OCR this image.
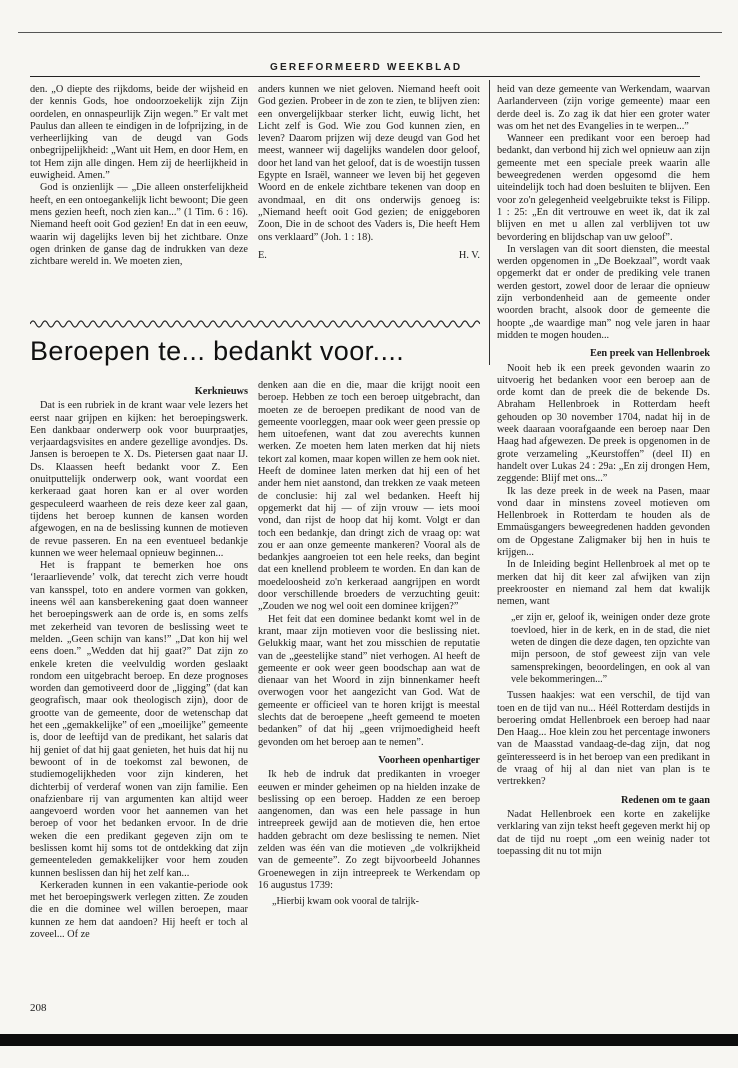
GEREFORMEERD WEEKBLAD

den. „O diepte des rijkdoms, beide der wijsheid en der kennis Gods, hoe ondoorzoekelijk zijn Zijn oordelen, en onnaspeurlijk Zijn wegen.” Er valt met Paulus dan alleen te eindigen in de lofprijzing, in de verheerlijking van de deugd van Gods onbegrijpelijkheid: „Want uit Hem, en door Hem, en tot Hem zijn alle dingen. Hem zij de heerlijkheid in euwigheid. Amen.”

God is onzienlijk — „Die alleen onsterfelijkheid heeft, en een ontoegankelijk licht bewoont; Die geen mens gezien heeft, noch zien kan...” (1 Tim. 6 : 16). Niemand heeft ooit God gezien! En dat in een eeuw, waarin wij dagelijks leven bij het zichtbare. Onze ogen drinken de ganse dag de indrukken van deze zichtbare wereld in. We moeten zien,

anders kunnen we niet geloven. Niemand heeft ooit God gezien. Probeer in de zon te zien, te blijven zien: een onvergelijkbaar sterker licht, euwig licht, het Licht zelf is God. Wie zou God kunnen zien, en leven? Daarom prijzen wij deze deugd van God het meest, wanneer wij dagelijks wandelen door geloof, door het land van het geloof, dat is de woestijn tussen Egypte en Israël, wanneer we leven bij het gegeven Woord en de enkele zichtbare tekenen van doop en avondmaal, en dit ons onderwijs genoeg is: „Niemand heeft ooit God gezien; de eniggeboren Zoon, Die in de schoot des Vaders is, Die heeft Hem ons verklaard” (Joh. 1 : 18).

E.	H. V.

Beroepen te... bedankt voor....

heid van deze gemeente van Werkendam, waarvan Aarlanderveen (zijn vorige gemeente) maar een derde deel is. Zo zag ik dat hier een groter water was om het net des Evangelies in te werpen...”

Wanneer een predikant voor een beroep had bedankt, dan verbond hij zich wel opnieuw aan zijn gemeente met een speciale preek waarin alle beweegredenen werden opgesomd die hem uiteindelijk toch had doen besluiten te blijven. Een voor zo'n gelegenheid veelgebruikte tekst is Filipp. 1 : 25: „En dit vertrouwe en weet ik, dat ik zal blijven en met u allen zal verblijven tot uw bevordering en blijdschap van uw geloof”.

In verslagen van dit soort diensten, die meestal werden opgenomen in „De Boekzaal”, wordt vaak opgemerkt dat er onder de prediking vele tranen werden gestort, zowel door de leraar die opnieuw zijn verbondenheid aan de gemeente onder woorden bracht, alsook door de gemeente die hoopte „de waardige man” nog vele jaren in haar midden te mogen houden...

Een preek van Hellenbroek

Nooit heb ik een preek gevonden waarin zo uitvoerig het bedanken voor een beroep aan de orde komt dan de preek die de bekende Ds. Abraham Hellenbroek in Rotterdam heeft gehouden op 30 november 1704, nadat hij in de week daaraan voorafgaande een beroep naar Den Haag had afgewezen. De preek is opgenomen in de grote verzameling „Keurstoffen” (deel II) en handelt over Lukas 24 : 29a: „En zij drongen Hem, zeggende: Blijf met ons...”

Ik las deze preek in de week na Pasen, maar vond daar in minstens zoveel motieven om Hellenbroek in Rotterdam te houden als de Emmaüsgangers beweegredenen hadden gevonden om de Opgestane Zaligmaker bij hen in huis te krijgen...

In de Inleiding begint Hellenbroek al met op te merken dat hij dit keer zal afwijken van zijn preekrooster en niemand zal hem dat kwalijk nemen, want

„er zijn er, geloof ik, weinigen onder deze grote toevloed, hier in de kerk, en in de stad, die niet weten de dingen die deze dagen, ten opzichte van mijn persoon, de stof geweest zijn van vele samensprekingen, beoordelingen, en ook al van vele bekommeringen...”

Tussen haakjes: wat een verschil, de tijd van toen en de tijd van nu... Héél Rotterdam destijds in beroering omdat Hellenbroek een beroep had naar Den Haag... Hoe klein zou het percentage inwoners van de Maasstad vandaag-de-dag zijn, dat nog geïnteresseerd is in het beroep van een predikant in de vraag of hij al dan niet van plan is te vertrekken?

Redenen om te gaan

Nadat Hellenbroek een korte en zakelijke verklaring van zijn tekst heeft gegeven merkt hij op dat de tijd nu roept „om een weinig nader tot toepassing dit nu tot mijn

Kerknieuws

Dat is een rubriek in de krant waar vele lezers het eerst naar grijpen en kijken: het beroepingswerk. Een dankbaar onderwerp ook voor buurpraatjes, verjaardagsvisites en andere gezellige avondjes. Ds. Jansen is beroepen te X. Ds. Pietersen gaat naar IJ. Ds. Klaassen heeft bedankt voor Z. Een onuitputtelijk onderwerp ook, want voordat een kerkeraad gaat horen kan er al over worden gespeculeerd waarheen de reis deze keer zal gaan, tijdens het beroep kunnen de kansen worden afgewogen, en na de beslissing kunnen de motieven de revue passeren. En na een eventueel bedankje kunnen we weer helemaal opnieuw beginnen...

Het is frappant te bemerken hoe ons ‘leraarlievende’ volk, dat terecht zich verre houdt van kansspel, toto en andere vormen van gokken, ineens wél aan kansberekening gaat doen wanneer het beroepingswerk aan de orde is, en soms zelfs met zekerheid van tevoren de beslissing weet te melden. „Geen schijn van kans!” „Dat kon hij wel eens doen.” „Wedden dat hij gaat?” Dat zijn zo enkele kreten die veelvuldig worden geslaakt rondom een uitgebracht beroep. En deze prognoses worden dan gemotiveerd door de „ligging” (dat kan geografisch, maar ook theologisch zijn), door de grootte van de gemeente, door de wetenschap dat het een „gemakkelijke” of een „moeilijke” gemeente is, door de leeftijd van de predikant, het salaris dat hij geniet of dat hij gaat genieten, het huis dat hij nu bewoont of in de toekomst zal bewonen, de studiemogelijkheden voor zijn kinderen, het dichterbij of verderaf wonen van zijn familie. Een onafzienbare rij van argumenten kan altijd weer aangevoerd worden voor het aannemen van het beroep of voor het bedanken ervoor. In de drie weken die een predikant gegeven zijn om te beslissen komt hij soms tot de ontdekking dat zijn gemeenteleden gemakkelijker voor hem zouden kunnen beslissen dan hij het zelf kan...

Kerkeraden kunnen in een vakantie-periode ook met het beroepingswerk verlegen zitten. Ze zouden die en die dominee wel willen beroepen, maar kunnen ze hem dat aandoen? Hij heeft er toch al zoveel... Of ze

denken aan die en die, maar die krijgt nooit een beroep. Hebben ze toch een beroep uitgebracht, dan moeten ze de beroepen predikant de nood van de gemeente voorleggen, maar ook weer geen pressie op hem uitoefenen, want dat zou averechts kunnen werken. Ze moeten hem laten merken dat hij niets tekort zal komen, maar kopen willen ze hem ook niet. Heeft de dominee laten merken dat hij een of het ander hem niet aanstond, dan trekken ze vaak meteen de conclusie: hij zal wel bedanken. Heeft hij opgemerkt dat hij — of zijn vrouw — iets mooi vond, dan rijst de hoop dat hij komt. Volgt er dan toch een bedankje, dan dringt zich de vraag op: wat zou er aan onze gemeente mankeren? Vooral als de bedankjes aangroeien tot een hele reeks, dan begint dat een knellend probleem te worden. En dan kan de moedeloosheid zo'n kerkeraad aangrijpen en wordt door verschillende broeders de verzuchting geuit: „Zouden we nog wel ooit een dominee krijgen?”

Het feit dat een dominee bedankt komt wel in de krant, maar zijn motieven voor die beslissing niet. Gelukkig maar, want het zou misschien de reputatie van de „geestelijke stand” niet verhogen. Al heeft de gemeente er ook weer geen boodschap aan wat de dienaar van het Woord in zijn binnenkamer heeft overwogen voor het aangezicht van God. Wat de gemeente er officieel van te horen krijgt is meestal slechts dat de beroepene „heeft gemeend te moeten bedanken” of dat hij „geen vrijmoedigheid heeft gevonden om het beroep aan te nemen”.

Voorheen openhartiger

Ik heb de indruk dat predikanten in vroeger eeuwen er minder geheimen op na hielden inzake de beslissing op een beroep. Hadden ze een beroep aangenomen, dan was een hele passage in hun intreepreek gewijd aan de motieven die, hen ertoe hadden gebracht om deze beslissing te nemen. Niet zelden was één van die motieven „de volkrijkheid van de gemeente”. Zo zegt bijvoorbeeld Johannes Groenewegen in zijn intreepreek te Werkendam op 16 augustus 1739:

„Hierbij kwam ook vooral de talrijk-

208
